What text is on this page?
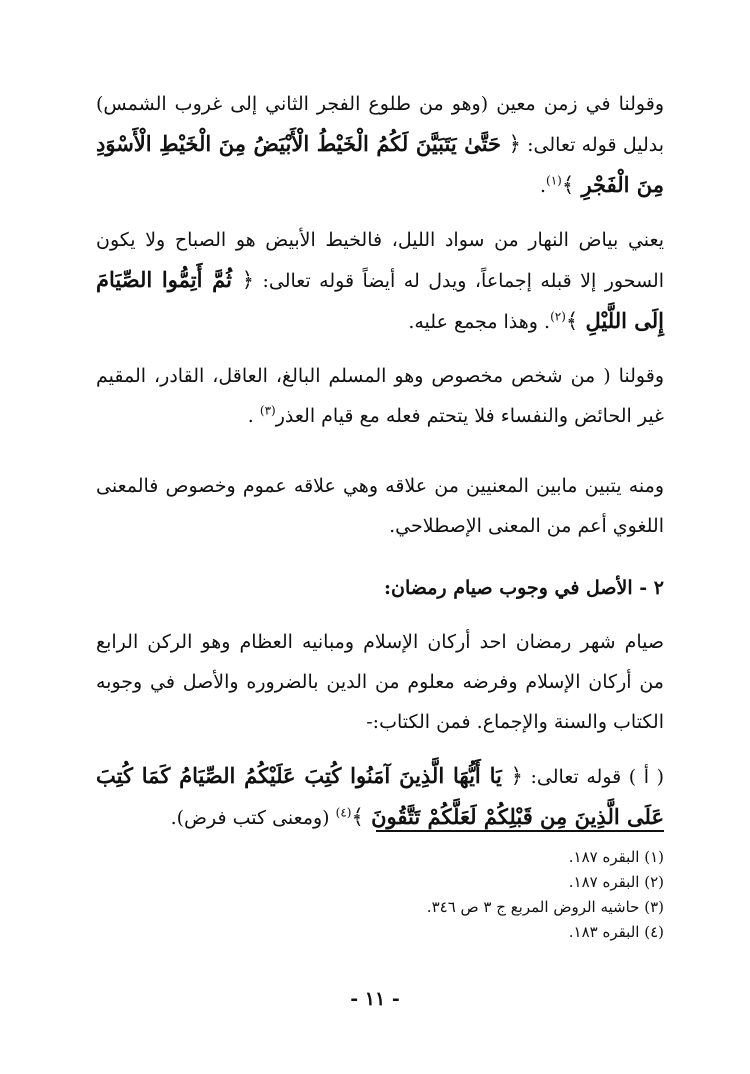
وقولنا في زمن معين (وهو من طلوع الفجر الثاني إلى غروب الشمس) بدليل قوله تعالى: ﴿ حَتَّىٰ يَتَبَيَّنَ لَكُمُ الْخَيْطُ الْأَبْيَضُ مِنَ الْخَيْطِ الْأَسْوَدِ مِنَ الْفَجْرِ ﴾$^{(١)}$.

يعني بياض النهار من سواد الليل، فالخيط الأبيض هو الصباح ولا يكون السحور إلا قبله إجماعاً، ويدل له أيضاً قوله تعالى: ﴿ ثُمَّ أَتِمُّوا الصِّيَامَ إِلَى اللَّيْلِ ﴾$^{(٢)}$. وهذا مجمع عليه.

وقولنا ( من شخص مخصوص وهو المسلم البالغ، العاقل، القادر، المقيم غير الحائض والنفساء فلا يتحتم فعله مع قيام العذر$^{(٣)}$ .

ومنه يتبين مابين المعنيين من علاقه وهي علاقه عموم وخصوص فالمعنى اللغوي أعم من المعنى الإصطلاحي.

٢ - الأصل في وجوب صيام رمضان:

صيام شهر رمضان احد أركان الإسلام ومبانيه العظام وهو الركن الرابع من أركان الإسلام وفرضه معلوم من الدين بالضروره والأصل في وجوبه الكتاب والسنة والإجماع. فمن الكتاب:-

( أ ) قوله تعالى: ﴿ يَا أَيُّهَا الَّذِينَ آمَنُوا كُتِبَ عَلَيْكُمُ الصِّيَامُ كَمَا كُتِبَ عَلَى الَّذِينَ مِن قَبْلِكُمْ لَعَلَّكُمْ تَتَّقُونَ ﴾$^{(٤)}$ (ومعنى كتب فرض).

(١) البقره ١٨٧.
(٢) البقره ١٨٧.
(٣) حاشيه الروض المربع ج ٣ ص ٣٤٦.
(٤) البقره ١٨٣.
- ١١ -
